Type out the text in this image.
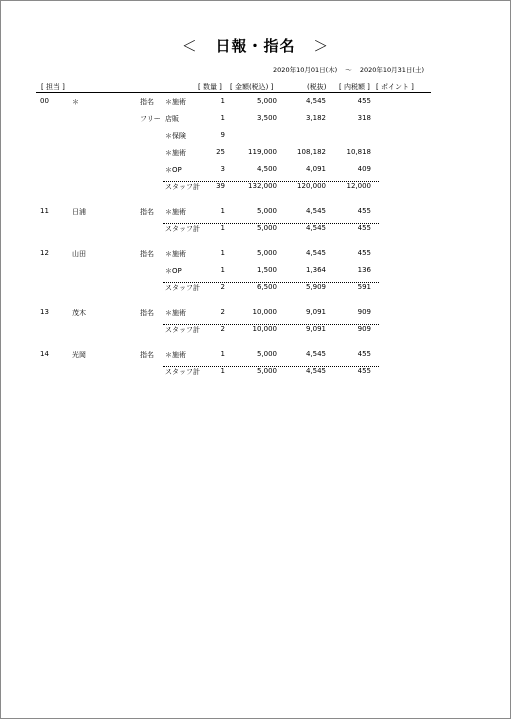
＜ 日報・指名 ＞
2020年10月01日(木) ～ 2020年10月31日(土)
[ 担当 ]	[ 数量 ] [ 金額(税込) ]	(税抜) [ 内税額 ] [ ポイント ]
00	＊	指名 ＊施術	1	5,000	4,545	455
フリー 店販	1	3,500	3,182	318
＊保険	9
＊施術	25	119,000	108,182	10,818
＊OP	3	4,500	4,091	409
スタッフ計 39	132,000	120,000	12,000
11	日浦	指名 ＊施術	1	5,000	4,545	455
スタッフ計	1	5,000	4,545	455
12	山田	指名 ＊施術	1	5,000	4,545	455
＊OP	1	1,500	1,364	136
スタッフ計	2	6,500	5,909	591
13	茂木	指名 ＊施術	2	10,000	9,091	909
スタッフ計	2	10,000	9,091	909
14	光岡	指名 ＊施術	1	5,000	4,545	455
スタッフ計	1	5,000	4,545	455
